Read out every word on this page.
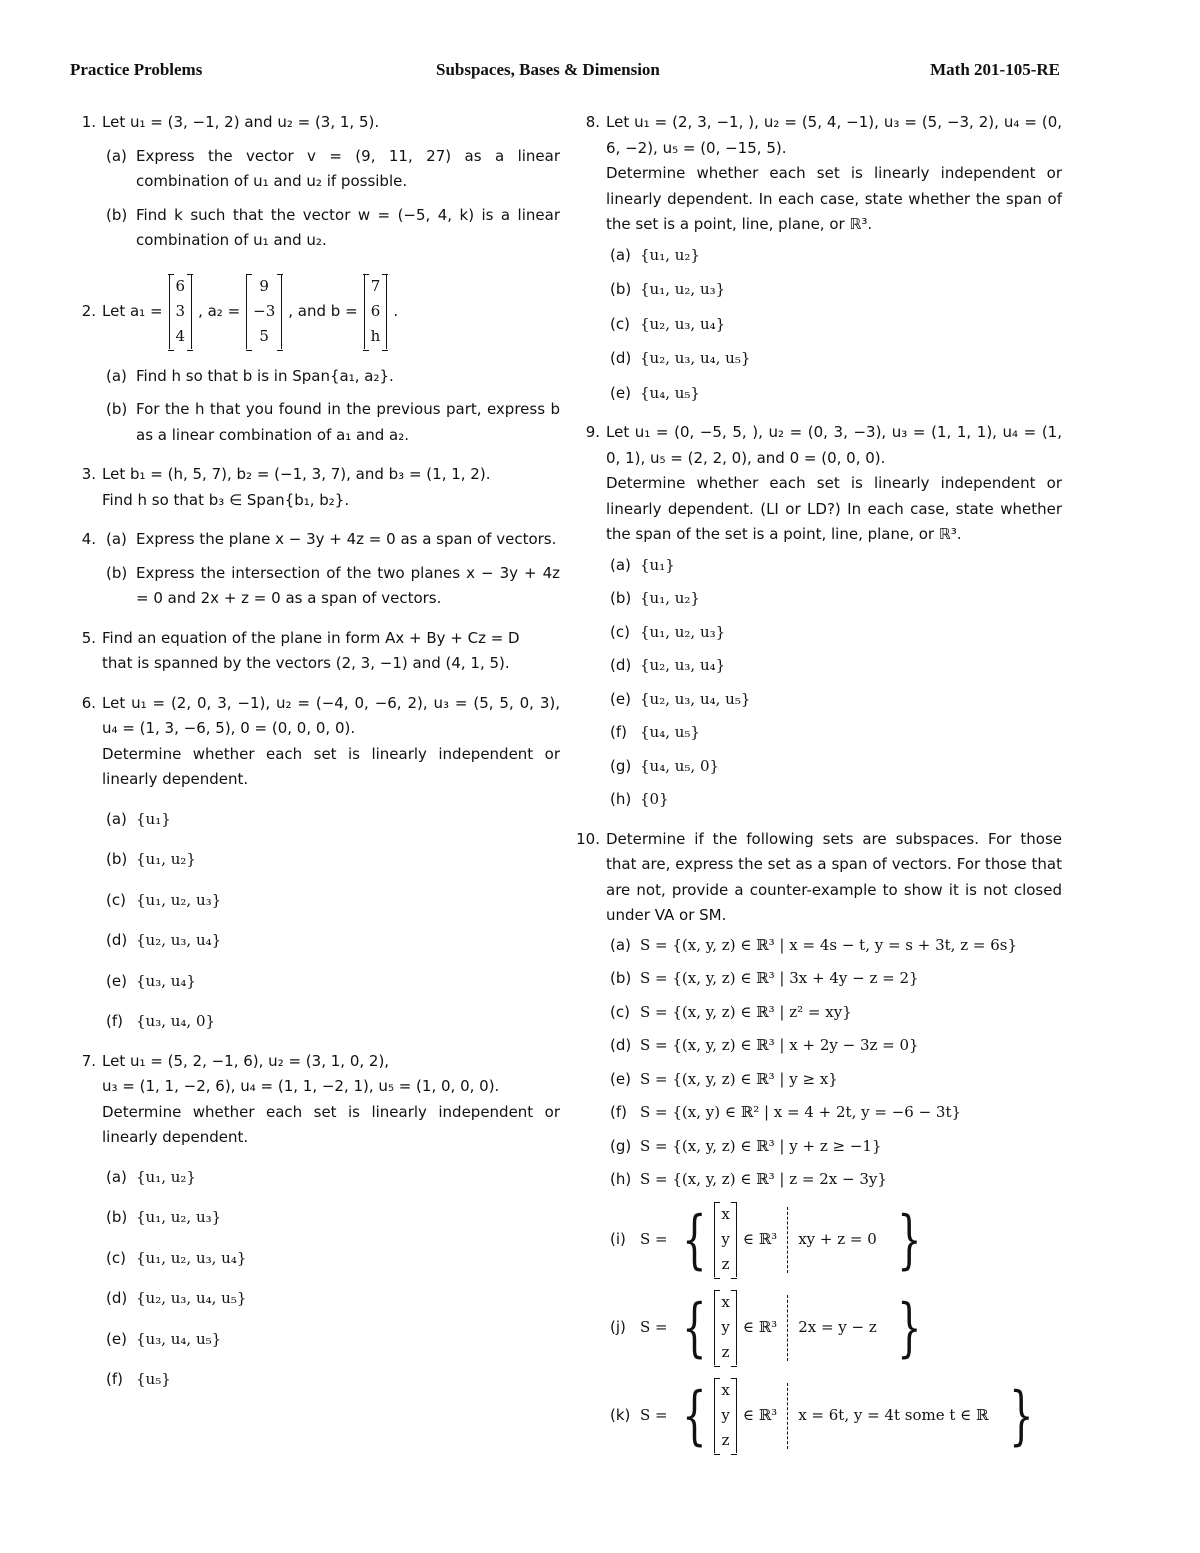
Practice Problems	Subspaces, Bases & Dimension	Math 201-105-RE
1. Let u₁ = (3, −1, 2) and u₂ = (3, 1, 5).
(a) Express the vector v = (9, 11, 27) as a linear combination of u₁ and u₂ if possible.
(b) Find k such that the vector w = (−5, 4, k) is a linear combination of u₁ and u₂.
2. Let a₁ =
6
3
4
, a₂ =
9
−3
5
, and b =
7
6
h
.
(a) Find h so that b is in Span{a₁, a₂}.
(b) For the h that you found in the previous part, express b as a linear combination of a₁ and a₂.
3. Let b₁ = (h, 5, 7), b₂ = (−1, 3, 7), and b₃ = (1, 1, 2).
Find h so that b₃ ∈ Span{b₁, b₂}.
4. (a) Express the plane x − 3y + 4z = 0 as a span of vectors.
(b) Express the intersection of the two planes x − 3y + 4z = 0 and 2x + z = 0 as a span of vectors.
5. Find an equation of the plane in form Ax + By + Cz = D
that is spanned by the vectors (2, 3, −1) and (4, 1, 5).
6. Let u₁ = (2, 0, 3, −1), u₂ = (−4, 0, −6, 2), u₃ = (5, 5, 0, 3), u₄ = (1, 3, −6, 5), 0 = (0, 0, 0, 0).
Determine whether each set is linearly independent or linearly dependent.
(a) {u₁}
(b) {u₁, u₂}
(c) {u₁, u₂, u₃}
(d) {u₂, u₃, u₄}
(e) {u₃, u₄}
(f) {u₃, u₄, 0}
7. Let u₁ = (5, 2, −1, 6), u₂ = (3, 1, 0, 2),
u₃ = (1, 1, −2, 6), u₄ = (1, 1, −2, 1), u₅ = (1, 0, 0, 0).
Determine whether each set is linearly independent or linearly dependent.
(a) {u₁, u₂}
(b) {u₁, u₂, u₃}
(c) {u₁, u₂, u₃, u₄}
(d) {u₂, u₃, u₄, u₅}
(e) {u₃, u₄, u₅}
(f) {u₅}
8. Let u₁ = (2, 3, −1, ), u₂ = (5, 4, −1), u₃ = (5, −3, 2), u₄ = (0, 6, −2), u₅ = (0, −15, 5).
Determine whether each set is linearly independent or linearly dependent. In each case, state whether the span of the set is a point, line, plane, or ℝ³.
(a) {u₁, u₂}
(b) {u₁, u₂, u₃}
(c) {u₂, u₃, u₄}
(d) {u₂, u₃, u₄, u₅}
(e) {u₄, u₅}
9. Let u₁ = (0, −5, 5, ), u₂ = (0, 3, −3), u₃ = (1, 1, 1), u₄ = (1, 0, 1), u₅ = (2, 2, 0), and 0 = (0, 0, 0).
Determine whether each set is linearly independent or linearly dependent. (LI or LD?) In each case, state whether the span of the set is a point, line, plane, or ℝ³.
(a) {u₁}
(b) {u₁, u₂}
(c) {u₁, u₂, u₃}
(d) {u₂, u₃, u₄}
(e) {u₂, u₃, u₄, u₅}
(f) {u₄, u₅}
(g) {u₄, u₅, 0}
(h) {0}
10. Determine if the following sets are subspaces. For those that are, express the set as a span of vectors. For those that are not, provide a counter-example to show it is not closed under VA or SM.
(a) S = {(x, y, z) ∈ ℝ³ | x = 4s − t, y = s + 3t, z = 6s}
(b) S = {(x, y, z) ∈ ℝ³ | 3x + 4y − z = 2}
(c) S = {(x, y, z) ∈ ℝ³ | z² = xy}
(d) S = {(x, y, z) ∈ ℝ³ | x + 2y − 3z = 0}
(e) S = {(x, y, z) ∈ ℝ³ | y ≥ x}
(f) S = {(x, y) ∈ ℝ² | x = 4 + 2t, y = −6 − 3t}
(g) S = {(x, y, z) ∈ ℝ³ | y + z ≥ −1}
(h) S = {(x, y, z) ∈ ℝ³ | z = 2x − 3y}
(i) S = { x
y
z
∈ ℝ³ xy + z = 0 }
(j) S = { x
y
z
∈ ℝ³ 2x = y − z }
(k) S = { x
y
z
∈ ℝ³ x = 6t, y = 4t some t ∈ ℝ }
